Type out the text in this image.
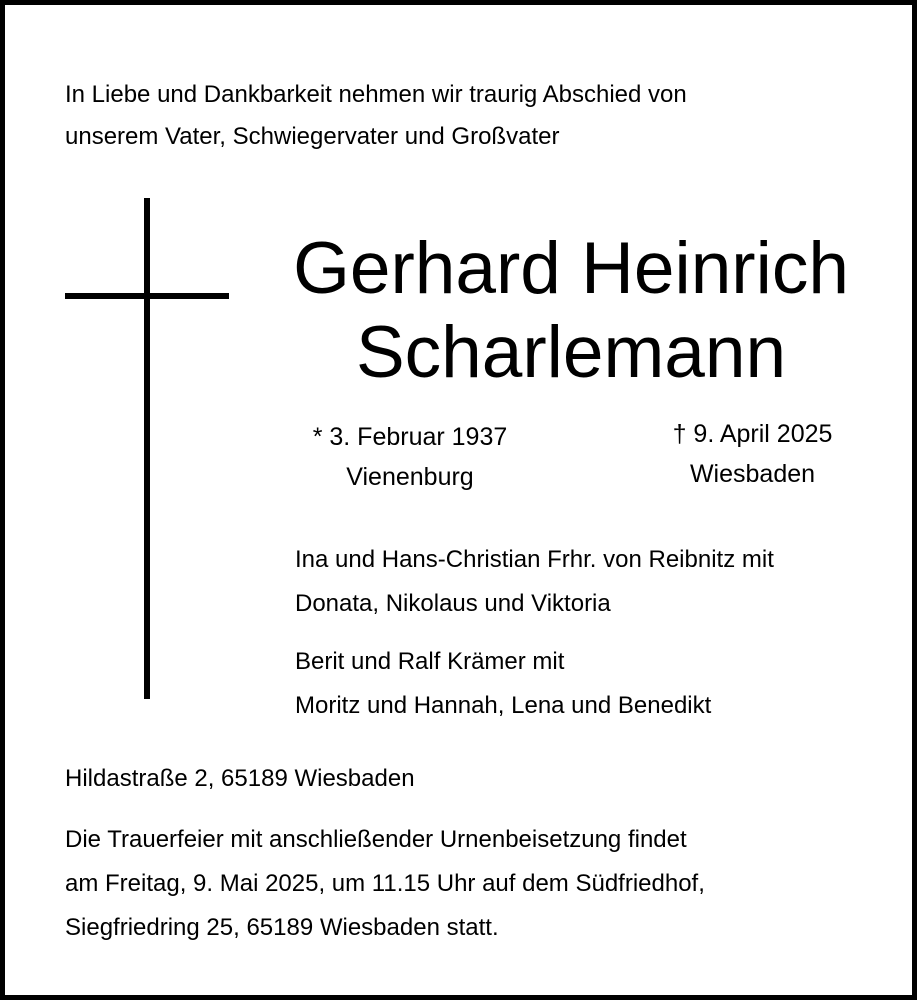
In Liebe und Dankbarkeit nehmen wir traurig Abschied von
unserem Vater, Schwiegervater und Großvater

Gerhard Heinrich
Scharlemann
* 3. Februar 1937
Vienenburg
† 9. April 2025
Wiesbaden
Ina und Hans-Christian Frhr. von Reibnitz mit
Donata, Nikolaus und Viktoria
Berit und Ralf Krämer mit
Moritz und Hannah, Lena und Benedikt

Hildastraße 2, 65189 Wiesbaden

Die Trauerfeier mit anschließender Urnenbeisetzung findet
am Freitag, 9. Mai 2025, um 11.15 Uhr auf dem Südfriedhof,
Siegfriedring 25, 65189 Wiesbaden statt.
